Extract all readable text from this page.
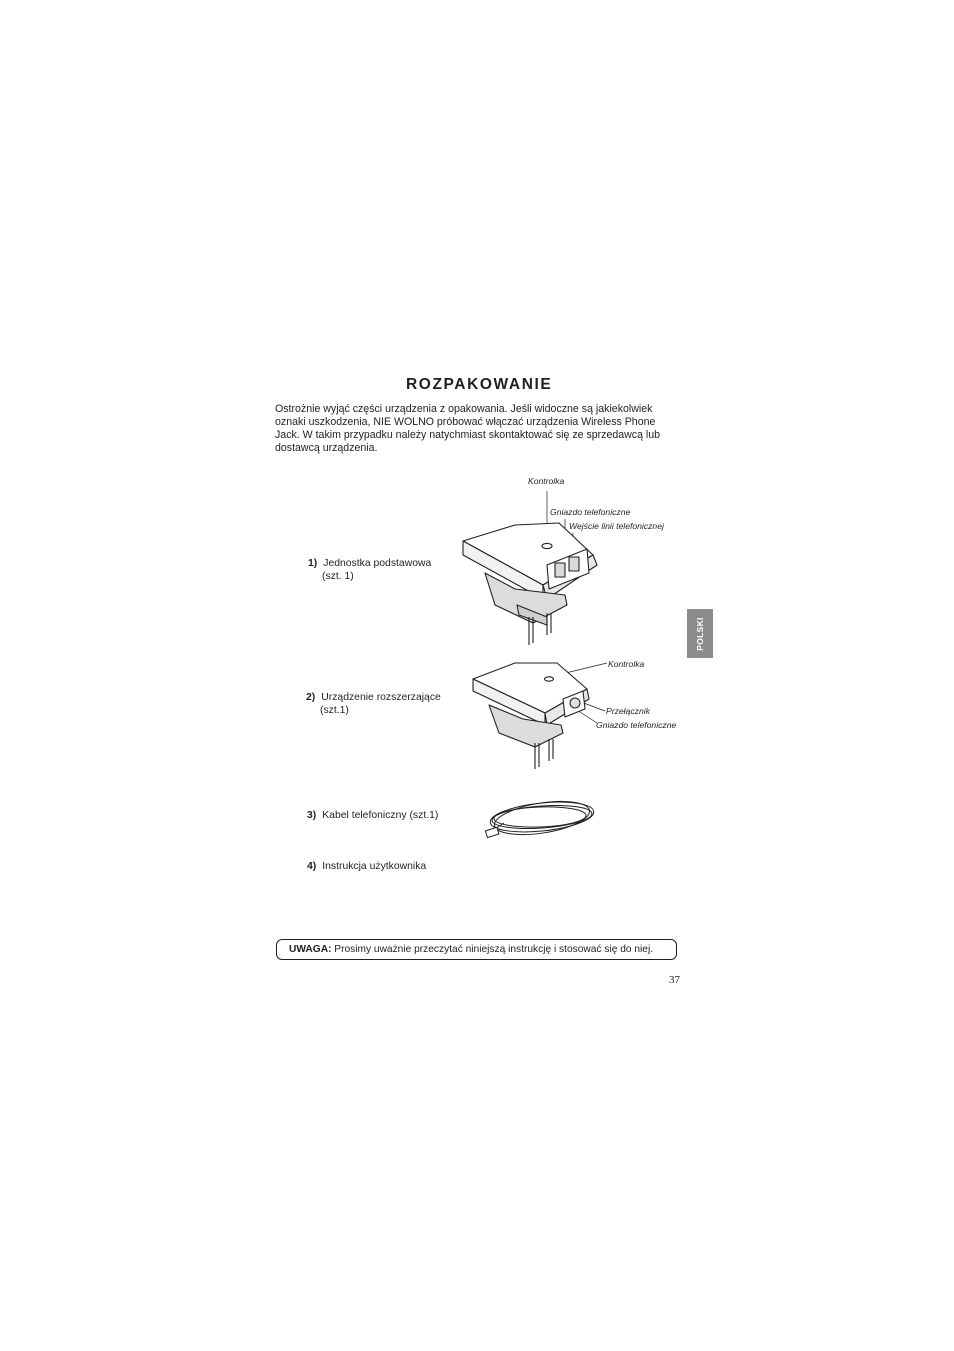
ROZPAKOWANIE

Ostrożnie wyjąć części urządzenia z opakowania. Jeśli widoczne są jakiekolwiek

oznaki uszkodzenia, NIE WOLNO próbować włączać urządzenia Wireless Phone

Jack. W takim przypadku należy natychmiast skontaktować się ze sprzedawcą lub

dostawcą urządzenia.

1) Jednostka podstawowa
(szt. 1)
2) Urządzenie rozszerzające
(szt.1)
3) Kabel telefoniczny (szt.1)
4) Instrukcja użytkownika
Kontrolka
Gniazdo telefoniczne
Wejście linii telefonicznej
Kontrolka
Przełącznik
Gniazdo telefoniczne
POLSKI
UWAGA: Prosimy uważnie przeczytać niniejszą instrukcję i stosować się do niej.
37
